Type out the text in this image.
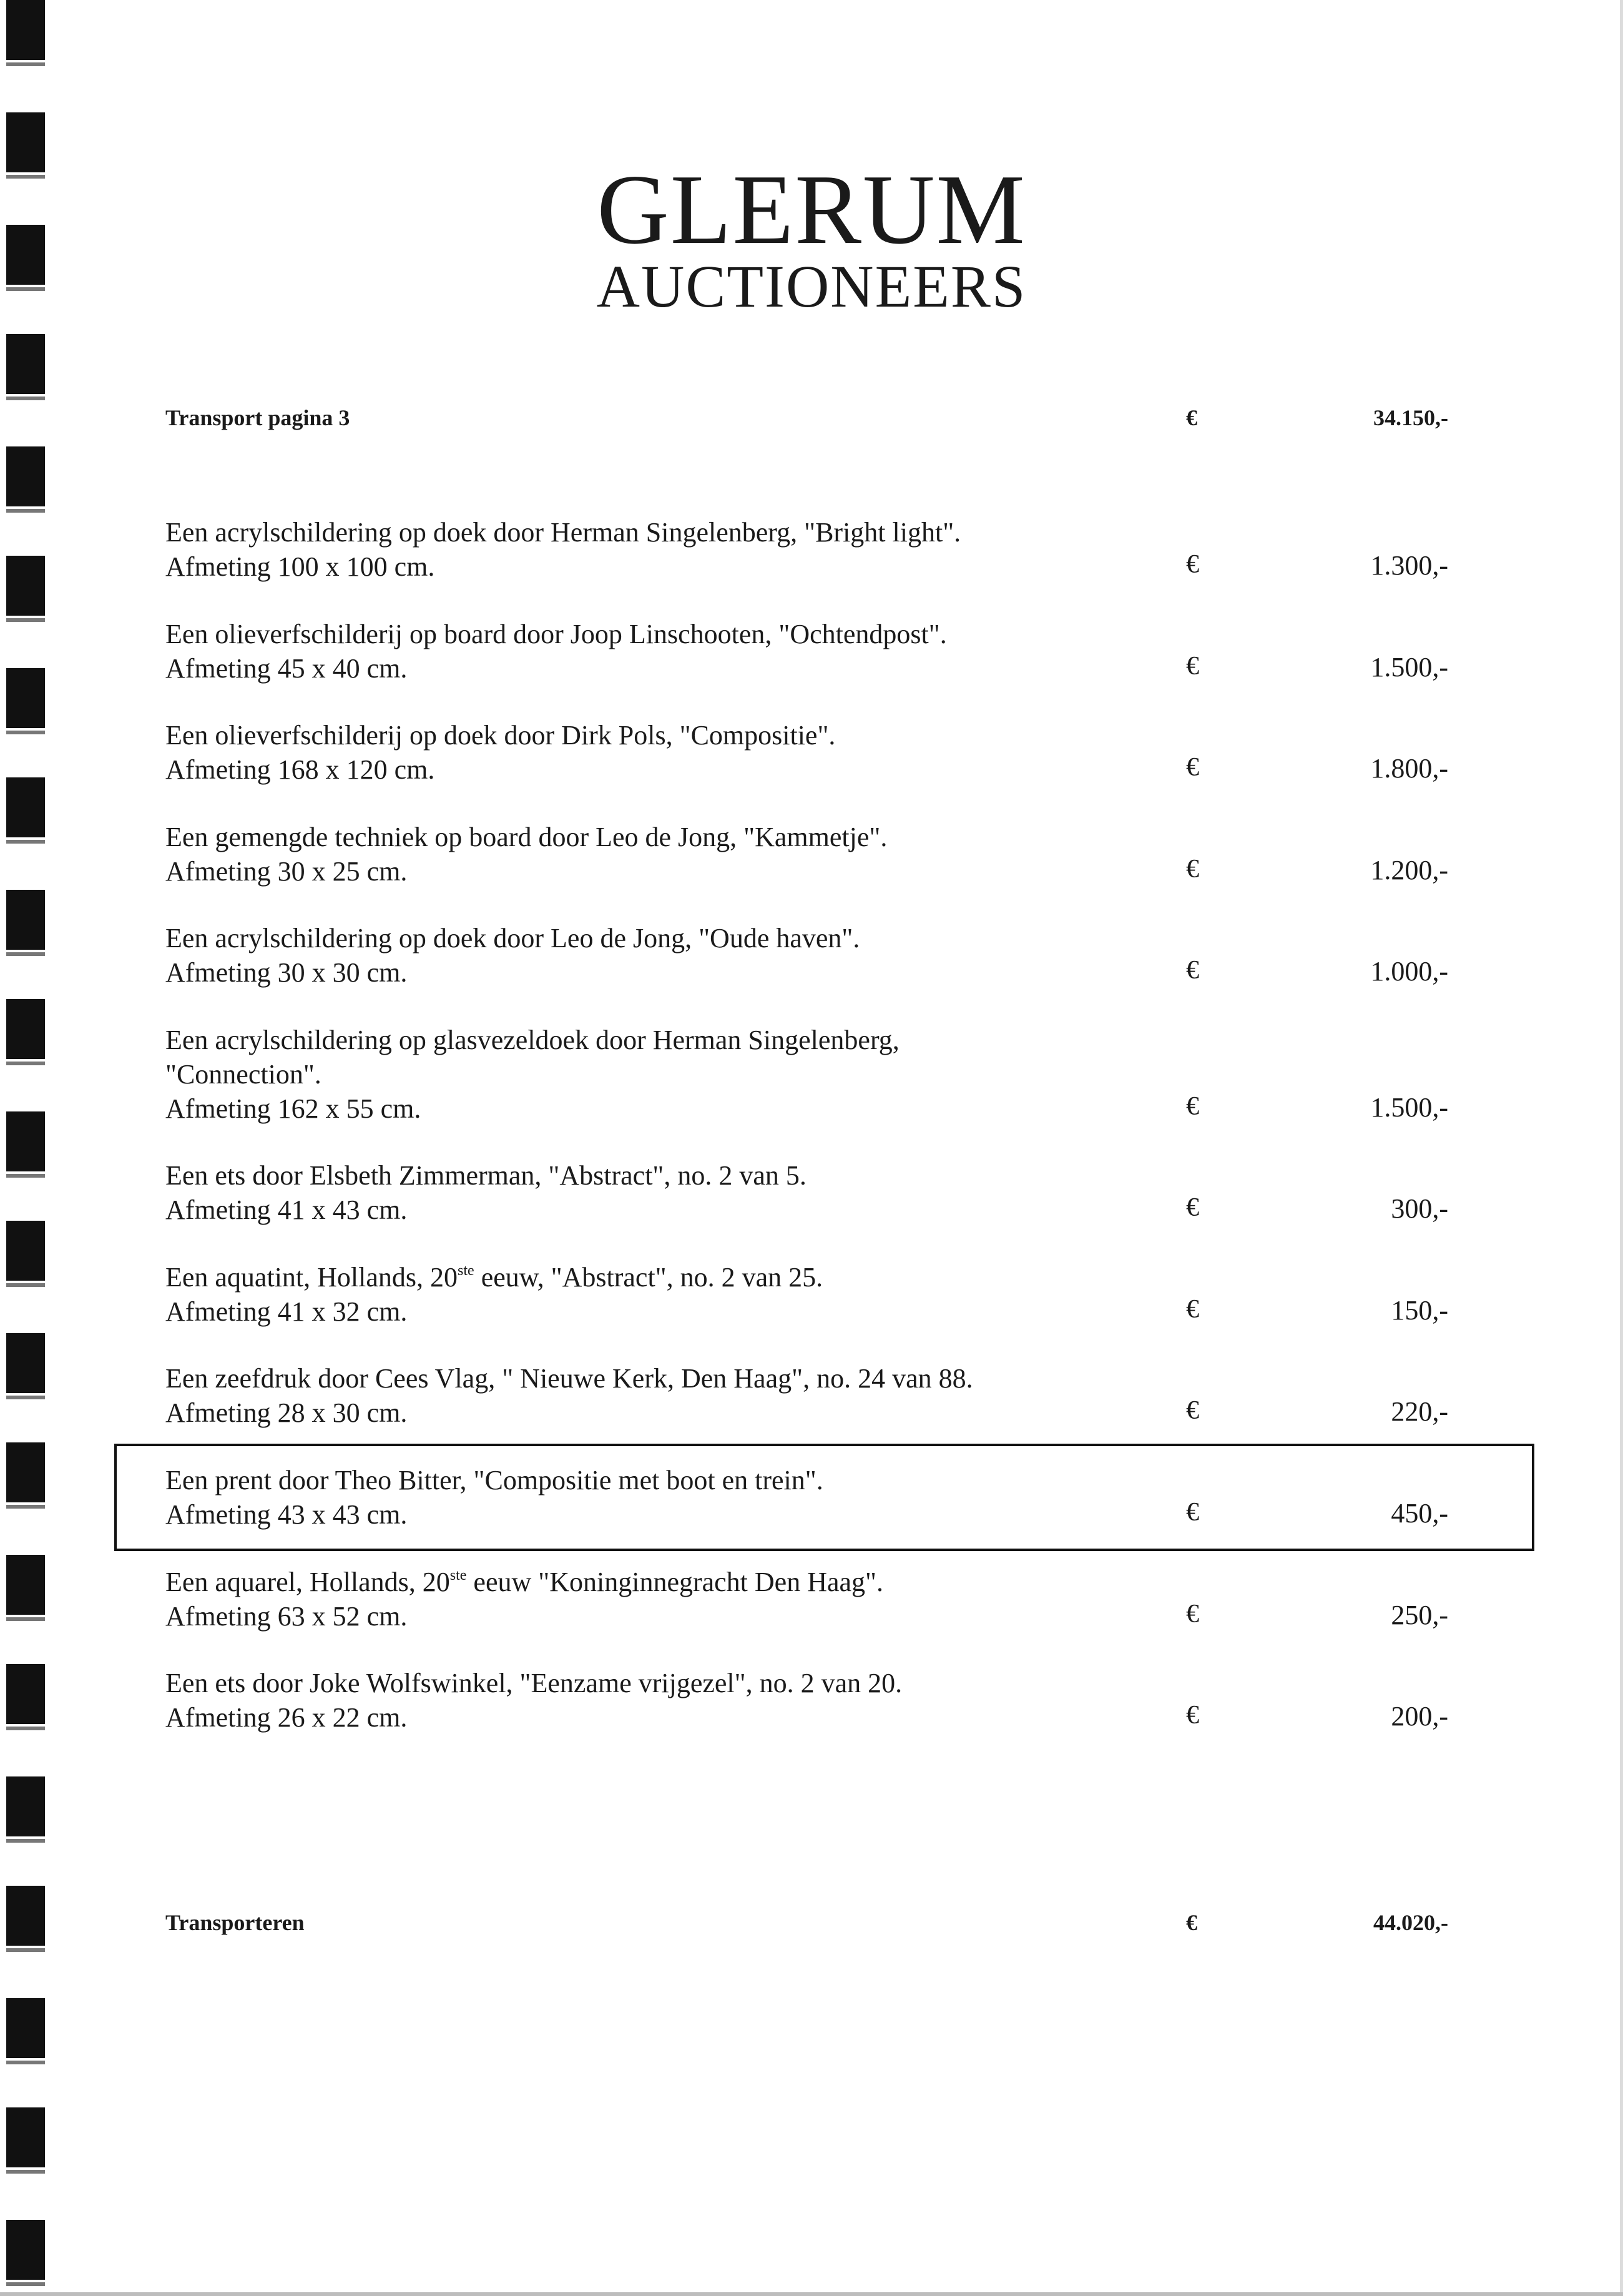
GLERUM
AUCTIONEERS
Transport pagina 3	€	34.150,-
Een acrylschildering op doek door Herman Singelenberg, "Bright light".
Afmeting 100 x 100 cm.	€	1.300,-
Een olieverfschilderij op board door Joop Linschooten, "Ochtendpost".
Afmeting 45 x 40 cm.	€	1.500,-
Een olieverfschilderij op doek door Dirk Pols, "Compositie".
Afmeting 168 x 120 cm.	€	1.800,-
Een gemengde techniek op board door Leo de Jong, "Kammetje".
Afmeting 30 x 25 cm.	€	1.200,-
Een acrylschildering op doek door Leo de Jong, "Oude haven".
Afmeting 30 x 30 cm.	€	1.000,-
Een acrylschildering op glasvezeldoek door Herman Singelenberg,
"Connection".
Afmeting 162 x 55 cm.	€	1.500,-
Een ets door Elsbeth Zimmerman, "Abstract", no. 2 van 5.
Afmeting 41 x 43 cm.	€	300,-
Een aquatint, Hollands, 20ste eeuw, "Abstract", no. 2 van 25.
Afmeting 41 x 32 cm.	€	150,-
Een zeefdruk door Cees Vlag, " Nieuwe Kerk, Den Haag", no. 24 van 88.
Afmeting 28 x 30 cm.	€	220,-
Een prent door Theo Bitter, "Compositie met boot en trein".
Afmeting 43 x 43 cm.	€	450,-
Een aquarel, Hollands, 20ste eeuw "Koninginnegracht Den Haag".
Afmeting 63 x 52 cm.	€	250,-
Een ets door Joke Wolfswinkel, "Eenzame vrijgezel", no. 2 van 20.
Afmeting 26 x 22 cm.	€	200,-
Transporteren	€	44.020,-
